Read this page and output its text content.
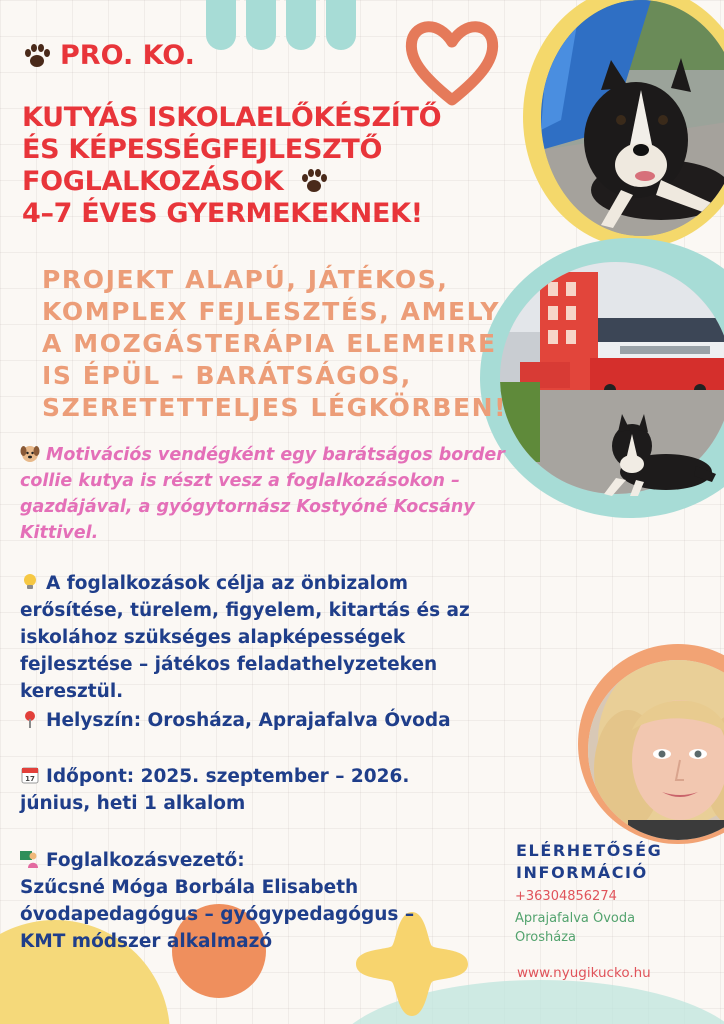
PRO. KO.
KUTYÁS ISKOLAELŐKÉSZÍTŐ
ÉS KÉPESSÉGFEJLESZTŐ
FOGLALKOZÁSOK
4–7 ÉVES GYERMEKEKNEK!
PROJEKT ALAPÚ, JÁTÉKOS,
KOMPLEX FEJLESZTÉS, AMELY
A MOZGÁSTERÁPIA ELEMEIRE
IS ÉPÜL – BARÁTSÁGOS,
SZERETETTELJES LÉGKÖRBEN!
Motivációs vendégként egy barátságos border
collie kutya is részt vesz a foglalkozásokon –
gazdájával, a gyógytornász Kostyóné Kocsány
Kittivel.
A foglalkozások célja az önbizalom
erősítése, türelem, figyelem, kitartás és az
iskolához szükséges alapképességek
fejlesztése – játékos feladathelyzeteken
keresztül.
Helyszín: Orosháza, Aprajafalva Óvoda
17 Időpont: 2025. szeptember – 2026.
június, heti 1 alkalom
Foglalkozásvezető:
Szűcsné Móga Borbála Elisabeth
óvodapedagógus – gyógypedagógus –
KMT módszer alkalmazó
ELÉRHETŐSÉG
INFORMÁCIÓ
+36304856274
Aprajafalva Óvoda
Orosháza
www.nyugikucko.hu
